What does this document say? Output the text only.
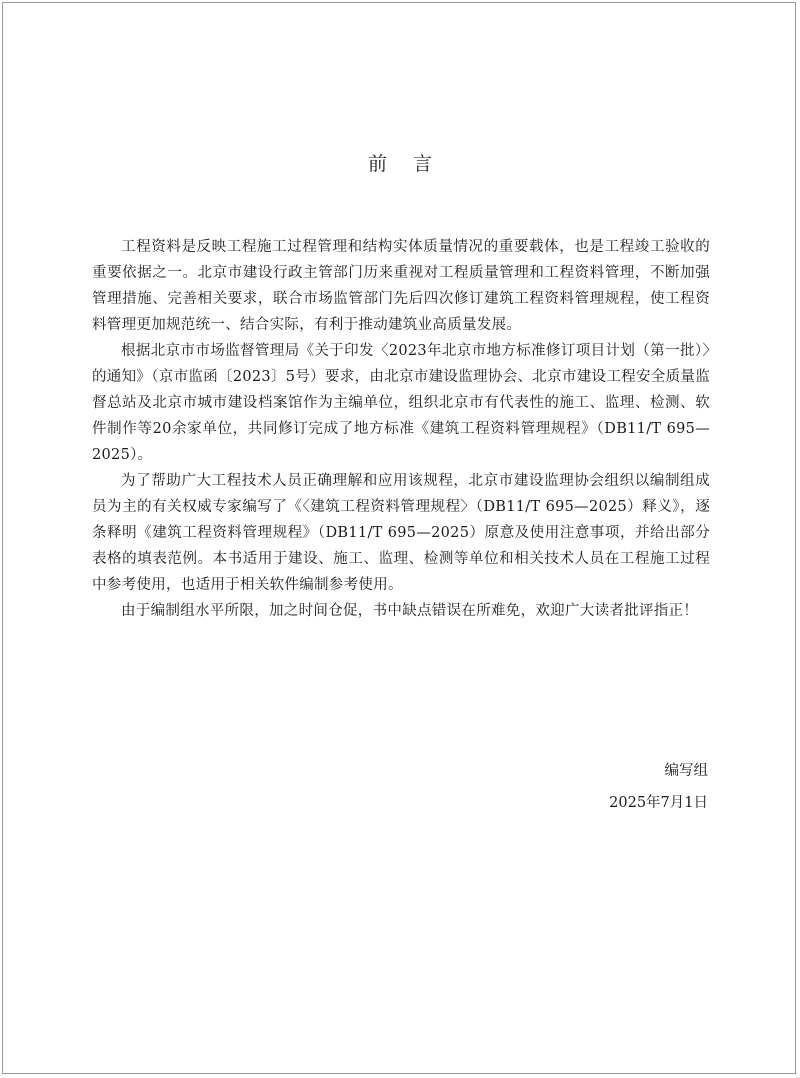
前言

工程资料是反映工程施工过程管理和结构实体质量情况的重要载体，也是工程竣工验收的重要依据之一。北京市建设行政主管部门历来重视对工程质量管理和工程资料管理，不断加强管理措施、完善相关要求，联合市场监管部门先后四次修订建筑工程资料管理规程，使工程资料管理更加规范统一、结合实际，有利于推动建筑业高质量发展。

根据北京市市场监督管理局《关于印发〈2023年北京市地方标准修订项目计划（第一批）〉的通知》（京市监函〔2023〕5号）要求，由北京市建设监理协会、北京市建设工程安全质量监督总站及北京市城市建设档案馆作为主编单位，组织北京市有代表性的施工、监理、检测、软件制作等20余家单位，共同修订完成了地方标准《建筑工程资料管理规程》（DB11/T 695—2025）。

为了帮助广大工程技术人员正确理解和应用该规程，北京市建设监理协会组织以编制组成员为主的有关权威专家编写了《〈建筑工程资料管理规程〉（DB11/T 695—2025）释义》，逐条释明《建筑工程资料管理规程》（DB11/T 695—2025）原意及使用注意事项，并给出部分表格的填表范例。本书适用于建设、施工、监理、检测等单位和相关技术人员在工程施工过程中参考使用，也适用于相关软件编制参考使用。

由于编制组水平所限，加之时间仓促，书中缺点错误在所难免，欢迎广大读者批评指正！

编写组
2025年7月1日
